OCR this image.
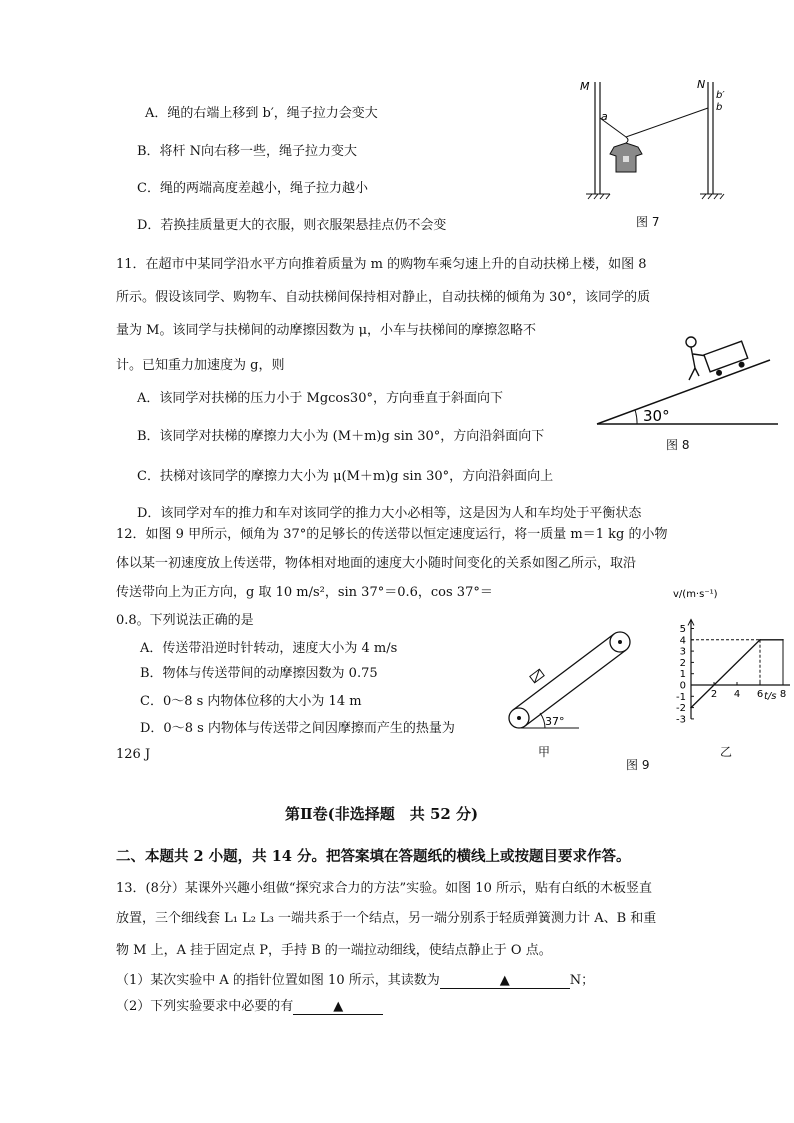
A．绳的右端上移到 b′，绳子拉力会变大
B．将杆 N向右移一些，绳子拉力变大
C．绳的两端高度差越小，绳子拉力越小
D．若换挂质量更大的衣服，则衣服架悬挂点仍不会变
M	N
a
b′
b
图 7
11．在超市中某同学沿水平方向推着质量为 m 的购物车乘匀速上升的自动扶梯上楼，如图 8
所示。假设该同学、购物车、自动扶梯间保持相对静止，自动扶梯的倾角为 30°，该同学的质
量为 M。该同学与扶梯间的动摩擦因数为 μ，小车与扶梯间的摩擦忽略不
计。已知重力加速度为 g，则
A．该同学对扶梯的压力小于 Mgcos30°，方向垂直于斜面向下
B．该同学对扶梯的摩擦力大小为 (M＋m)g sin 30°，方向沿斜面向下
C．扶梯对该同学的摩擦力大小为 μ(M＋m)g sin 30°，方向沿斜面向上
D．该同学对车的推力和车对该同学的推力大小必相等，这是因为人和车均处于平衡状态
30°
图 8
12．如图 9 甲所示，倾角为 37°的足够长的传送带以恒定速度运行，将一质量 m＝1 kg 的小物
体以某一初速度放上传送带，物体相对地面的速度大小随时间变化的关系如图乙所示，取沿
传送带向上为正方向，g 取 10 m/s²，sin 37°＝0.6，cos 37°＝
0.8。下列说法正确的是
A．传送带沿逆时针转动，速度大小为 4 m/s
B．物体与传送带间的动摩擦因数为 0.75
C．0～8 s 内物体位移的大小为 14 m
D．0～8 s 内物体与传送带之间因摩擦而产生的热量为
126 J
37°
甲
5
4
3
2
1
0
-1
-2
-3
2 4 6 8
v/(m·s⁻¹)
t/s
乙
图 9
第Ⅱ卷(非选择题　共 52 分)
二、本题共 2 小题，共 14 分。把答案填在答题纸的横线上或按题目要求作答。
13．(8分）某课外兴趣小组做“探究求合力的方法”实验。如图 10 所示，贴有白纸的木板竖直
放置，三个细线套 L₁ L₂ L₃ 一端共系于一个结点，另一端分别系于轻质弹簧测力计 A、B 和重
物 M 上，A 挂于固定点 P，手持 B 的一端拉动细线，使结点静止于 O 点。
（1）某次实验中 A 的指针位置如图 10 所示，其读数为	▲	N；
（2）下列实验要求中必要的有	▲
